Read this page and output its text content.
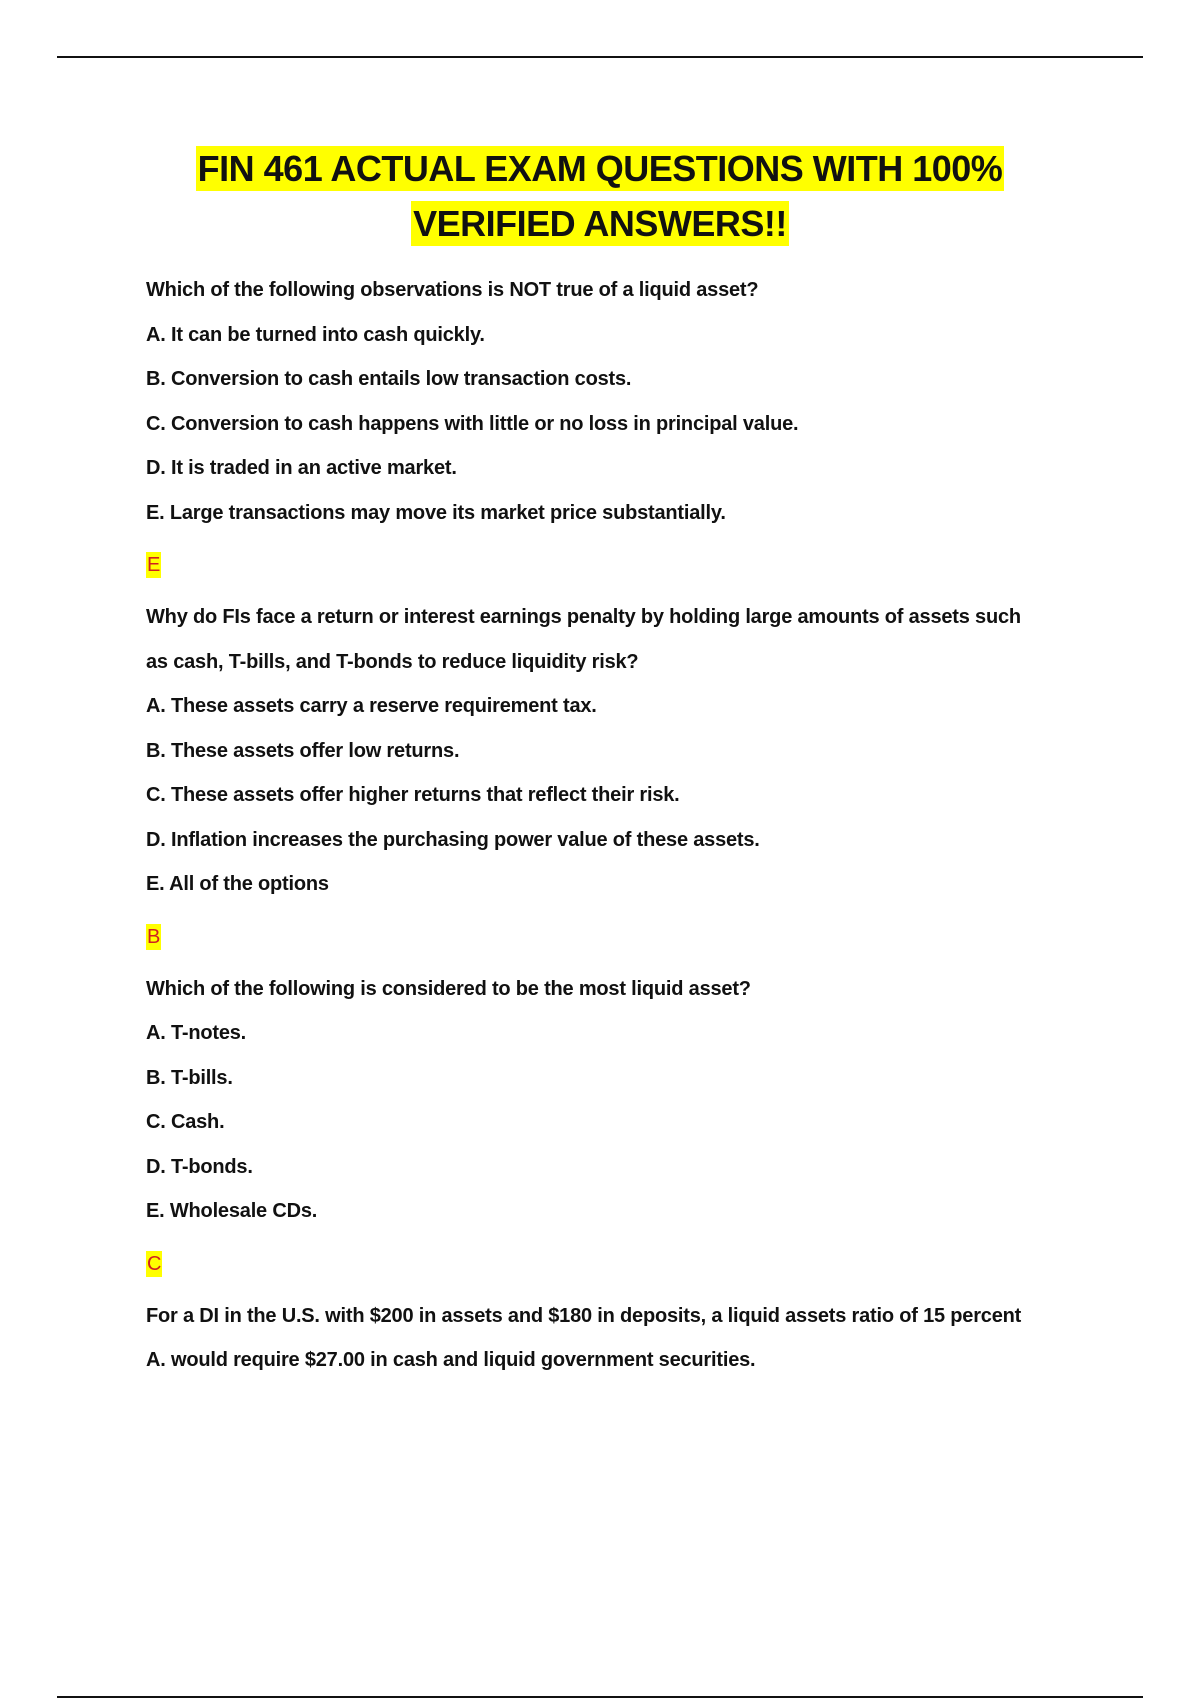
FIN 461 ACTUAL EXAM QUESTIONS WITH 100%
VERIFIED ANSWERS!!
Which of the following observations is NOT true of a liquid asset?
A. It can be turned into cash quickly.
B. Conversion to cash entails low transaction costs.
C. Conversion to cash happens with little or no loss in principal value.
D. It is traded in an active market.
E. Large transactions may move its market price substantially.
E
Why do FIs face a return or interest earnings penalty by holding large amounts of assets such
as cash, T-bills, and T-bonds to reduce liquidity risk?
A. These assets carry a reserve requirement tax.
B. These assets offer low returns.
C. These assets offer higher returns that reflect their risk.
D. Inflation increases the purchasing power value of these assets.
E. All of the options
B
Which of the following is considered to be the most liquid asset?
A. T-notes.
B. T-bills.
C. Cash.
D. T-bonds.
E. Wholesale CDs.
C
For a DI in the U.S. with $200 in assets and $180 in deposits, a liquid assets ratio of 15 percent
A. would require $27.00 in cash and liquid government securities.
